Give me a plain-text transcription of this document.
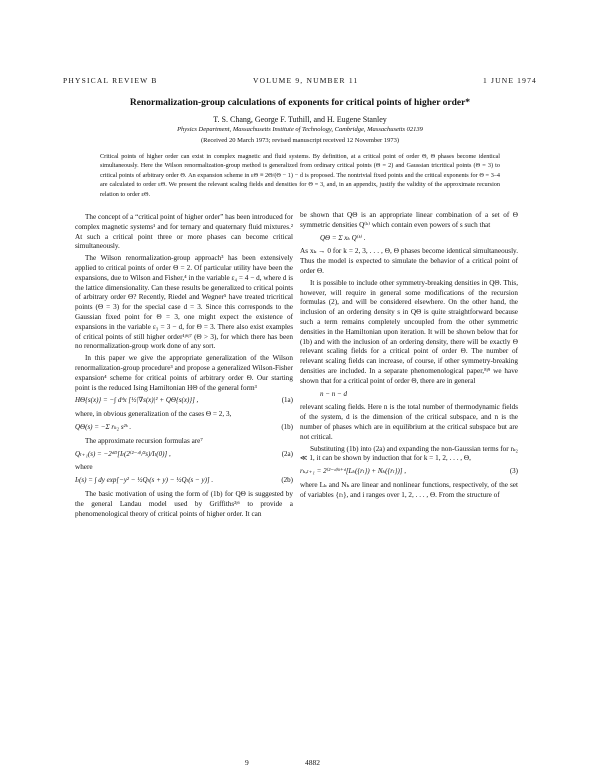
PHYSICAL REVIEW B	VOLUME 9, NUMBER 11	1 JUNE 1974
Renormalization-group calculations of exponents for critical points of higher order*
T. S. Chang, George F. Tuthill, and H. Eugene Stanley
Physics Department, Massachusetts Institute of Technology, Cambridge, Massachusetts 02139
(Received 20 March 1973; revised manuscript received 12 November 1973)
Critical points of higher order can exist in complex magnetic and fluid systems. By definition, at a critical point of order Θ, Θ phases become identical simultaneously. Here the Wilson renormalization-group method is generalized from ordinary critical points (Θ = 2) and Gaussian tricritical points (Θ = 3) to critical points of arbitrary order Θ. An expansion scheme in εΘ ≡ 2Θ/(Θ − 1) − d is proposed. The nontrivial fixed points and the critical exponents for Θ = 3–4 are calculated to order εΘ. We present the relevant scaling fields and densities for Θ = 3, and, in an appendix, justify the validity of the approximate recursion relation to order εΘ.

The concept of a “critical point of higher order” has been introduced for complex magnetic systems¹ and for ternary and quaternary fluid mixtures.² At such a critical point three or more phases can become critical simultaneously.

The Wilson renormalization-group approach³ has been extensively applied to critical points of order Θ = 2. Of particular utility have been the expansions, due to Wilson and Fisher,⁴ in the variable ε₄ = 4 − d, where d is the lattice dimensionality. Can these results be generalized to critical points of arbitrary order Θ? Recently, Riedel and Wegner⁵ have treated tricritical points (Θ = 3) for the special case d = 3. Since this corresponds to the Gaussian fixed point for Θ = 3, one might expect the existence of expansions in the variable ε₃ = 3 − d, for Θ = 3. There also exist examples of critical points of still higher order¹ʲ⁶ʲ⁷ (Θ > 3), for which there has been no renormalization-group work done of any sort.

In this paper we give the appropriate generalization of the Wilson renormalization-group procedure³ and propose a generalized Wilson-Fisher expansion⁴ scheme for critical points of arbitrary order Θ. Our starting point is the reduced Ising Hamiltonian HΘ of the general form³

HΘ{s(x)} = −∫ dᵈx [½|∇s(x)|² + QΘ{s(x)}] ,	(1a)

where, in obvious generalization of the cases Θ = 2, 3,

QΘ(s) = −Σ rₖ₂ s²ᵏ .	(1b)

The approximate recursion formulas are⁷

Qₗ₊₁(s) = −2ᵈᴰ[Iₗ(2⁽²⁻ᵈ⁾/²s)/Iₗ(0)] ,	(2a)

where

Iₗ(s) = ∫ dy exp[−y² − ½Qₗ(s + y) − ½Qₗ(s − y)] .	(2b)

The basic motivation of using the form of (1b) for QΘ is suggested by the general Landau model used by Griffiths²ʲ⁶ to provide a phenomenological theory of critical points of higher order. It can

be shown that QΘ is an appropriate linear combination of a set of Θ symmetric densities Q⁽ᵏ⁾ which contain even powers of s such that

QΘ = Σ xₖ Q⁽ᵏ⁾ .

As xₖ → 0 for k = 2, 3, . . . , Θ, Θ phases become identical simultaneously. Thus the model is expected to simulate the behavior of a critical point of order Θ.

It is possible to include other symmetry-breaking densities in QΘ. This, however, will require in general some modifications of the recursion formulas (2), and will be considered elsewhere. On the other hand, the inclusion of an ordering density s in QΘ is quite straightforward because such a term remains completely uncoupled from the other symmetric densities in the Hamiltonian upon iteration. It will be shown below that for (1b) and with the inclusion of an ordering density, there will be exactly Θ relevant scaling fields for a critical point of order Θ. The number of relevant scaling fields can increase, of course, if other symmetry-breaking densities are included. In a separate phenomenological paper,⁸ʲ⁹ we have shown that for a critical point of order Θ, there are in general

n − n − d

relevant scaling fields. Here n is the total number of thermodynamic fields of the system, d is the dimension of the critical subspace, and n is the number of phases which are in equilibrium at the critical subspace but are not critical.

Substituting (1b) into (2a) and expanding the non-Gaussian terms for rₖ₂ ≪ 1, it can be shown by induction that for k = 1, 2, . . . , Θ,

rₖ,ₗ₊₁ = 2⁽²⁻ᵈ⁾ᵏ⁺ᵈ[Lₖ({rₗ}) + Nₖ({rₗ})] ,	(3)

where Lₖ and Nₖ are linear and nonlinear functions, respectively, of the set of variables {rₗ}, and i ranges over 1, 2, . . . , Θ. From the structure of

9	4882
